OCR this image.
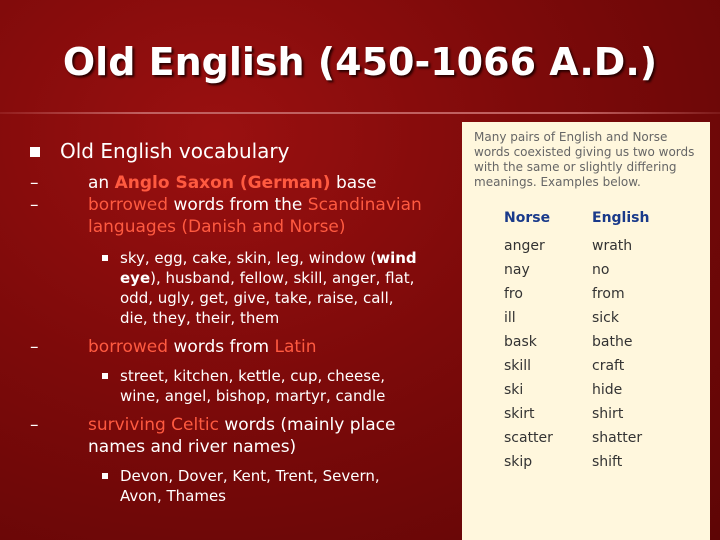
Old English (450-1066 A.D.)
Old English vocabulary
–	an Anglo Saxon (German) base
–	borrowed words from the Scandinavian
languages (Danish and Norse)
sky, egg, cake, skin, leg, window (wind
eye), husband, fellow, skill, anger, flat,
odd, ugly, get, give, take, raise, call,
die, they, their, them
–	borrowed words from Latin
street, kitchen, kettle, cup, cheese,
wine, angel, bishop, martyr, candle
–	surviving Celtic words (mainly place
names and river names)
Devon, Dover, Kent, Trent, Severn,
Avon, Thames
Many pairs of English and Norse words coexisted giving us two words with the same or slightly differing meanings. Examples below.
Norse	English
anger	wrath
nay	no
fro	from
ill	sick
bask	bathe
skill	craft
ski	hide
skirt	shirt
scatter	shatter
skip	shift
